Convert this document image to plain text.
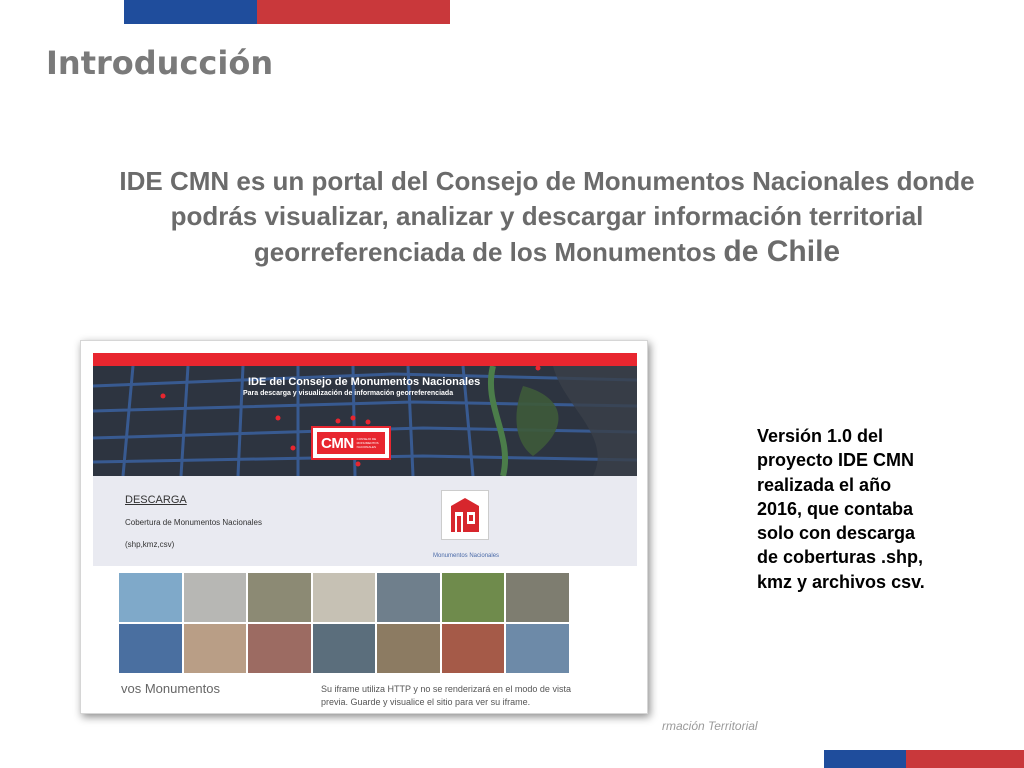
Introducción
IDE CMN es un portal del Consejo de Monumentos Nacionales donde
podrás visualizar, analizar y descargar información territorial
georreferenciada de los Monumentos de Chile
IDE del Consejo de Monumentos Nacionales
Para descarga y visualización de información georreferenciada
CMN CONSEJO DE MONUMENTOS NACIONALES
DESCARGA
Cobertura de Monumentos Nacionales
(shp,kmz,csv)
Monumentos Nacionales
vos Monumentos	Su iframe utiliza HTTP y no se renderizará en el modo de vista previa. Guarde y visualice el sitio para ver su iframe.
Versión 1.0 del proyecto IDE CMN realizada el año 2016, que contaba solo con descarga de coberturas .shp, kmz y archivos csv.
rmación Territorial
